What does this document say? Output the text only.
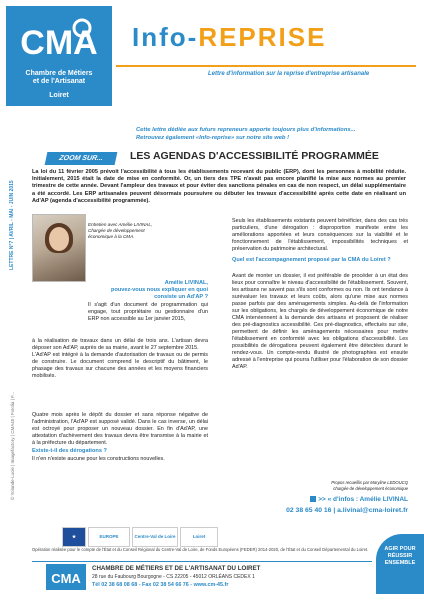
CMA
Chambre de Métiers
et de l'Artisanat
Loiret
Info-REPRISE
Lettre d'information sur la reprise d'entreprise artisanale
LETTRE N°7 | AVRIL - MAI - JUIN 2015
Cette lettre dédiée aux futurs repreneurs apporte toujours plus d'informations...
Retrouvez également «Info-reprise» sur notre site web !
ZOOM SUR...	LES AGENDAS D'ACCESSIBILITÉ PROGRAMMÉE
La loi du 11 février 2005 prévoit l'accessibilité à tous les établissements recevant du public (ERP), dont les personnes à mobilité réduite. Initialement, 2015 était la date de mise en conformité. Or, un tiers des TPE n'avait pas encore planifié la mise aux normes au premier trimestre de cette année. Devant l'ampleur des travaux et pour éviter des sanctions pénales en cas de non respect, un délai supplémentaire a été accordé. Les ERP artisanales peuvent désormais poursuivre ou débuter les travaux d'accessibilité après cette date en réalisant un Ad'AP (agenda d'accessibilité programmée).
Entretien avec Amélie LIVINAL, Chargée de développement économique à la CMA.
Amélie LIVINAL,
pouvez-vous nous expliquer en quoi consiste un Ad'AP ?
Il s'agit d'un document de programmation qui engage, tout propriétaire ou gestionnaire d'un ERP non accessible au 1er janvier 2015,
à la réalisation de travaux dans un délai de trois ans. L'artisan devra déposer son Ad'AP, auprès de sa mairie, avant le 27 septembre 2015.
L'Ad'AP est intégré à la demande d'autorisation de travaux ou de permis de construire. Le document comprend le descriptif du bâtiment, le phasage des travaux sur chacune des années et les moyens financiers mobilisés.
Quatre mois après le dépôt du dossier et sans réponse négative de l'administration, l'Ad'AP est supposé validé. Dans le cas inverse, un délai est octroyé pour proposer un nouveau dossier. En fin d'Ad'AP, une attestation d'achèvement des travaux devra être transmise à la mairie et à la préfecture du département.
Existe-t-il des dérogations ?
Il n'en n'existe aucune pour les constructions nouvelles.
Seuls les établissements existants peuvent bénéficier, dans des cas très particuliers, d'une dérogation : disproportion manifeste entre les améliorations apportées et leurs conséquences sur la viabilité et le fonctionnement de l'établissement, impossibilités techniques et préservation du patrimoine architectural.
Quel est l'accompagnement proposé par la CMA du Loiret ?
Avant de monter un dossier, il est préférable de procéder à un état des lieux pour connaître le niveau d'accessibilité de l'établissement. Souvent, les artisans ne savent pas s'ils sont conformes ou non. Ils ont tendance à surévaluer les travaux et leurs coûts, alors qu'une mise aux normes passe parfois par des aménagements simples. Au-delà de l'information sur les obligations, les chargés de développement économique de notre CMA interviennent à la demande des artisans et proposent de réaliser des pré-diagnostics accessibilité. Ces pré-diagnostics, effectués sur site, permettent de définir les aménagements nécessaires pour mettre l'établissement en conformité avec les obligations d'accessibilité. Les possibilités de dérogations peuvent également être détectées durant le rendez-vous. Un compte-rendu illustré de photographies est ensuite adressé à l'entreprise qui pourra l'utiliser pour l'élaboration de son dossier Ad'AP.
Propos recueillis par Maryline LEDOUCQ
chargée de développement économique
>> « d'infos : Amélie LIVINAL
02 38 65 40 16 | a.livinal@cma-loiret.fr
© Yolande-Lucie | Imagefactory | CMA45 | Fotolia | F...
★	EUROPE	Centre-Val de Loire	Loiret
Opération réalisée pour le compte de l'État et du Conseil Régional du Centre-Val de Loire, de Fonds Européens (FEDER) 2014-2020, de l'État et du Conseil Départemental du Loiret.
CMA
CHAMBRE DE MÉTIERS ET DE L'ARTISANAT DU LOIRET
28 rue du Faubourg Bourgogne - CS 22205 - 45012 ORLÉANS CEDEX 1
Tél 02 38 68 08 68 - Fax 02 38 54 66 76 - www.cm-45.fr
AGIR POUR RÉUSSIR ENSEMBLE
